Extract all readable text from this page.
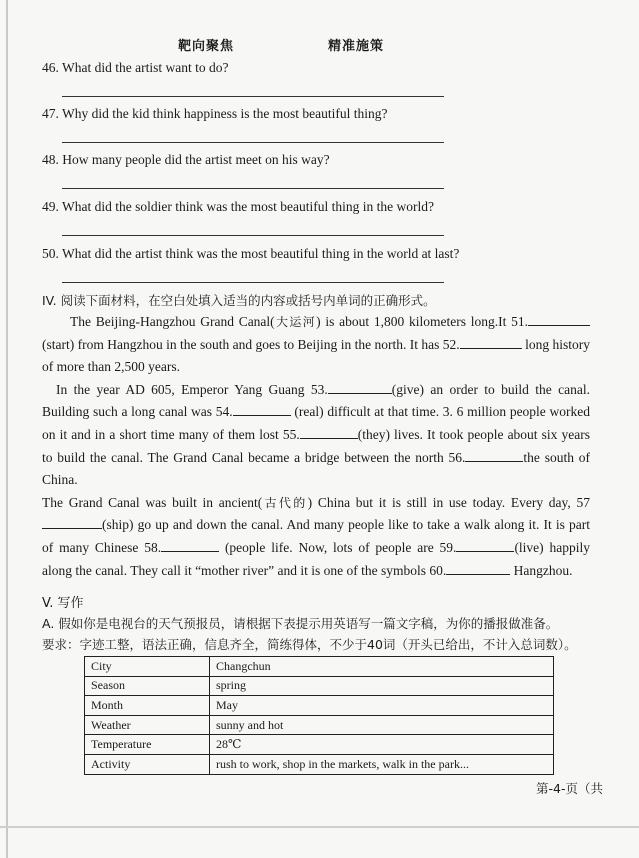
靶向聚焦	精准施策
46. What did the artist want to do?
47. Why did the kid think happiness is the most beautiful thing?
48. How many people did the artist meet on his way?
49. What did the soldier think was the most beautiful thing in the world?
50. What did the artist think was the most beautiful thing in the world at last?
IV. 阅读下面材料，在空白处填入适当的内容或括号内单词的正确形式。

The Beijing-Hangzhou Grand Canal(大运河) is about 1,800 kilometers long.It 51.(start) from Hangzhou in the south and goes to Beijing in the north. It has 52.	long history of more than 2,500 years.

In the year AD 605, Emperor Yang Guang 53.	(give) an order to build the canal. Building such a long canal was 54.	(real) difficult at that time. 3. 6 million people worked on it and in a short time many of them lost 55.	(they) lives. It took people about six years to build the canal. The Grand Canal became a bridge between the north 56.	the south of China.

The Grand Canal was built in ancient(古代的) China but it is still in use today. Every day, 57(ship) go up and down the canal. And many people like to take a walk along it. It is part of many Chinese 58.	(people life. Now, lots of people are 59.	(live) happily along the canal. They call it “mother river” and it is one of the symbols 60.	Hangzhou.

V. 写作
A. 假如你是电视台的天气预报员，请根据下表提示用英语写一篇文字稿，为你的播报做准备。
要求：字迹工整，语法正确，信息齐全，简练得体，不少于40词（开头已给出，不计入总词数）。
City	Changchun
Season	spring
Month	May
Weather	sunny and hot
Temperature	28℃
Activity	rush to work, shop in the markets, walk in the park...
第-4-页（共
